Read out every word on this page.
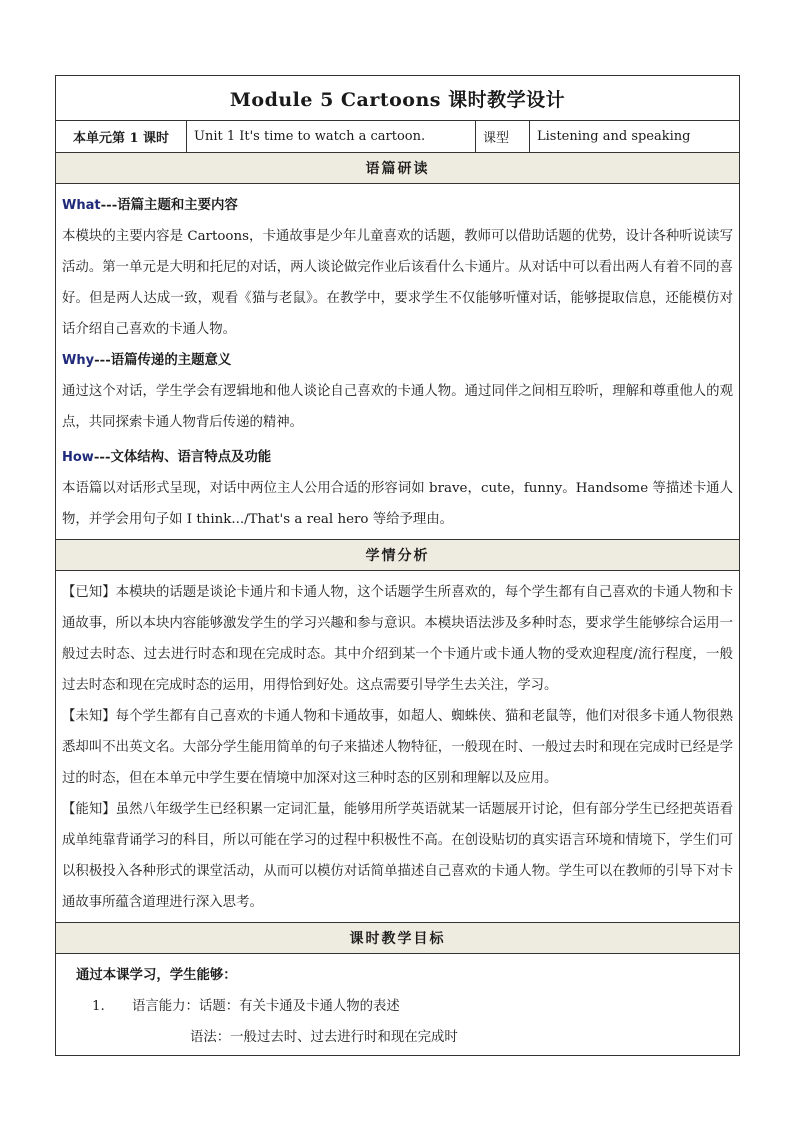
Module 5 Cartoons 课时教学设计
本单元第 1 课时	Unit 1 It's time to watch a cartoon.	课型	Listening and speaking
语篇研读

What---语篇主题和主要内容

本模块的主要内容是 Cartoons，卡通故事是少年儿童喜欢的话题，教师可以借助话题的优势，设计各种听说读写活动。第一单元是大明和托尼的对话，两人谈论做完作业后该看什么卡通片。从对话中可以看出两人有着不同的喜好。但是两人达成一致，观看《猫与老鼠》。在教学中，要求学生不仅能够听懂对话，能够提取信息，还能模仿对话介绍自己喜欢的卡通人物。

Why---语篇传递的主题意义

通过这个对话，学生学会有逻辑地和他人谈论自己喜欢的卡通人物。通过同伴之间相互聆听，理解和尊重他人的观点，共同探索卡通人物背后传递的精神。

How---文体结构、语言特点及功能

本语篇以对话形式呈现，对话中两位主人公用合适的形容词如 brave，cute，funny。Handsome 等描述卡通人物，并学会用句子如 I think.../That's a real hero 等给予理由。

学情分析

【已知】本模块的话题是谈论卡通片和卡通人物，这个话题学生所喜欢的，每个学生都有自己喜欢的卡通人物和卡通故事，所以本块内容能够激发学生的学习兴趣和参与意识。本模块语法涉及多种时态，要求学生能够综合运用一般过去时态、过去进行时态和现在完成时态。其中介绍到某一个卡通片或卡通人物的受欢迎程度/流行程度，一般过去时态和现在完成时态的运用，用得恰到好处。这点需要引导学生去关注，学习。

【未知】每个学生都有自己喜欢的卡通人物和卡通故事，如超人、蜘蛛侠、猫和老鼠等，他们对很多卡通人物很熟悉却叫不出英文名。大部分学生能用简单的句子来描述人物特征，一般现在时、一般过去时和现在完成时已经是学过的时态，但在本单元中学生要在情境中加深对这三种时态的区别和理解以及应用。

【能知】虽然八年级学生已经积累一定词汇量，能够用所学英语就某一话题展开讨论，但有部分学生已经把英语看成单纯靠背诵学习的科目，所以可能在学习的过程中积极性不高。在创设贴切的真实语言环境和情境下，学生们可以积极投入各种形式的课堂活动，从而可以模仿对话简单描述自己喜欢的卡通人物。学生可以在教师的引导下对卡通故事所蕴含道理进行深入思考。

课时教学目标

通过本课学习，学生能够：

1.	语言能力：话题：有关卡通及卡通人物的表述

语法：一般过去时、过去进行时和现在完成时
